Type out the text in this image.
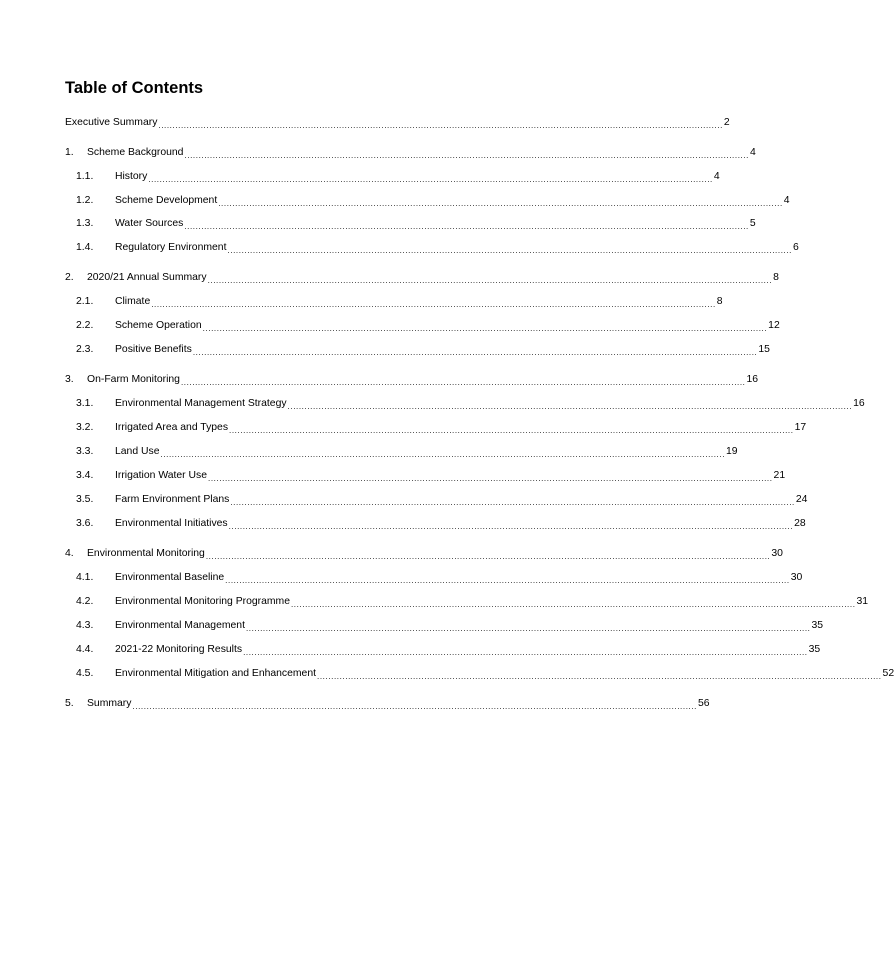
Table of Contents
Executive Summary ........................................................................................................................................................................................................ 2
1.	Scheme Background ........................................................................................................................................................................................................ 4
1.1.	History ........................................................................................................................................................................................................ 4
1.2.	Scheme Development ........................................................................................................................................................................................................ 4
1.3.	Water Sources ........................................................................................................................................................................................................ 5
1.4.	Regulatory Environment ........................................................................................................................................................................................................ 6
2.	2020/21 Annual Summary ........................................................................................................................................................................................................ 8
2.1.	Climate ........................................................................................................................................................................................................ 8
2.2.	Scheme Operation ........................................................................................................................................................................................................ 12
2.3.	Positive Benefits ........................................................................................................................................................................................................ 15
3.	On-Farm Monitoring ........................................................................................................................................................................................................ 16
3.1.	Environmental Management Strategy ........................................................................................................................................................................................................ 16
3.2.	Irrigated Area and Types ........................................................................................................................................................................................................ 17
3.3.	Land Use ........................................................................................................................................................................................................ 19
3.4.	Irrigation Water Use ........................................................................................................................................................................................................ 21
3.5.	Farm Environment Plans ........................................................................................................................................................................................................ 24
3.6.	Environmental Initiatives ........................................................................................................................................................................................................ 28
4.	Environmental Monitoring ........................................................................................................................................................................................................ 30
4.1.	Environmental Baseline ........................................................................................................................................................................................................ 30
4.2.	Environmental Monitoring Programme ........................................................................................................................................................................................................ 31
4.3.	Environmental Management ........................................................................................................................................................................................................ 35
4.4.	2021-22 Monitoring Results ........................................................................................................................................................................................................ 35
4.5.	Environmental Mitigation and Enhancement ........................................................................................................................................................................................................ 52
5.	Summary ........................................................................................................................................................................................................ 56
